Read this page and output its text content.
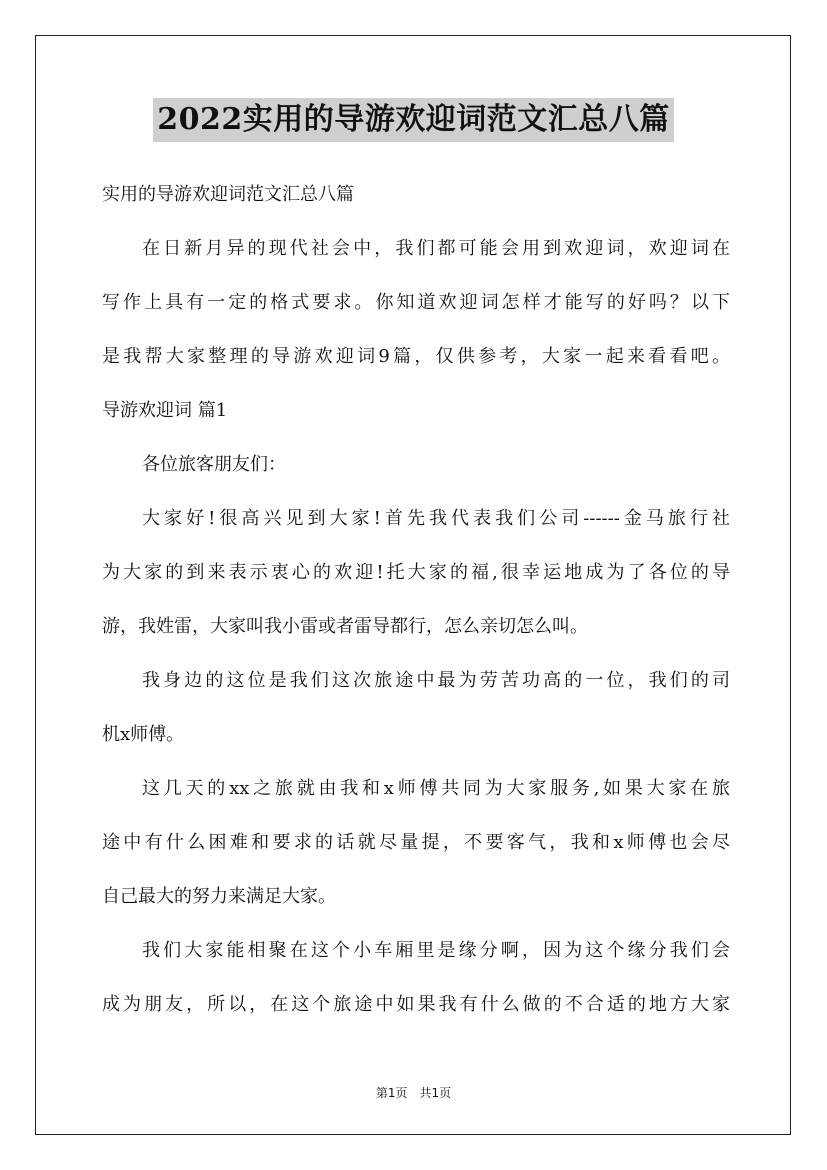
2022实用的导游欢迎词范文汇总八篇
实用的导游欢迎词范文汇总八篇
在日新月异的现代社会中，我们都可能会用到欢迎词，欢迎词在
写作上具有一定的格式要求。你知道欢迎词怎样才能写的好吗？以下
是我帮大家整理的导游欢迎词9篇，仅供参考，大家一起来看看吧。
导游欢迎词 篇1
各位旅客朋友们：
大家好!很高兴见到大家!首先我代表我们公司------金马旅行社
为大家的到来表示衷心的欢迎!托大家的福,很幸运地成为了各位的导
游，我姓雷，大家叫我小雷或者雷导都行，怎么亲切怎么叫。
我身边的这位是我们这次旅途中最为劳苦功高的一位，我们的司
机x师傅。
这几天的xx之旅就由我和x师傅共同为大家服务,如果大家在旅
途中有什么困难和要求的话就尽量提，不要客气，我和x师傅也会尽
自己最大的努力来满足大家。
我们大家能相聚在这个小车厢里是缘分啊，因为这个缘分我们会
成为朋友，所以，在这个旅途中如果我有什么做的不合适的地方大家
第1页　共1页
